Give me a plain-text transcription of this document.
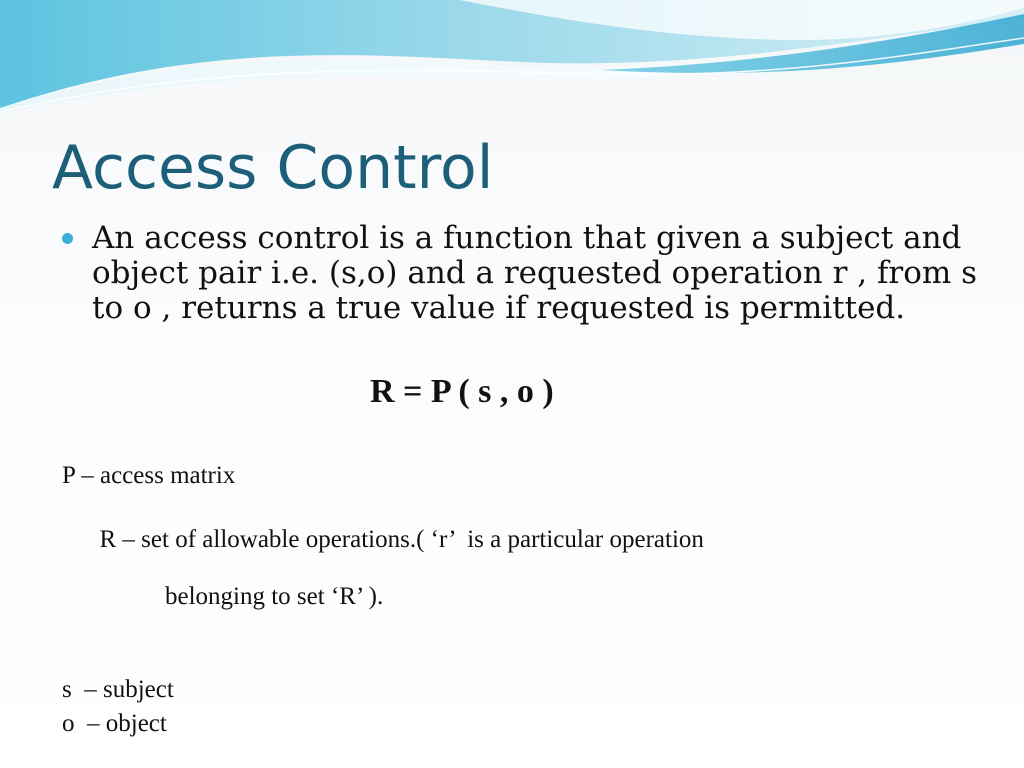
Access Control
An access control is a function that given a subject and object pair i.e. (s,o) and a requested operation r , from s to o , returns a true value if requested is permitted.
R = P ( s , o )
P – access matrix

R – set of allowable operations.( ‘r’  is a particular operation

belonging to set ‘R’ ).

s  – subject
o  – object
